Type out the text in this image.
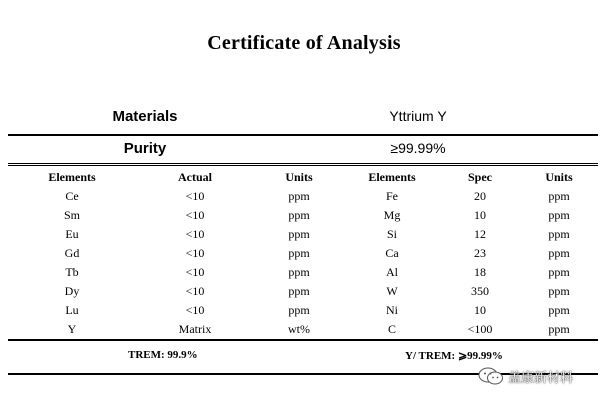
Certificate of Analysis
Materials	Yttrium Y
Purity	≥99.99%
Elements	Actual	Units	Elements	Spec	Units
Ce	<10	ppm	Fe	20	ppm
Sm	<10	ppm	Mg	10	ppm
Eu	<10	ppm	Si	12	ppm
Gd	<10	ppm	Ca	23	ppm
Tb	<10	ppm	Al	18	ppm
Dy	<10	ppm	W	350	ppm
Lu	<10	ppm	Ni	10	ppm
Y	Matrix	wt%	C	<100	ppm
TREM: 99.9%	Y/ TREM: ⩾99.99%
盖康新材料
